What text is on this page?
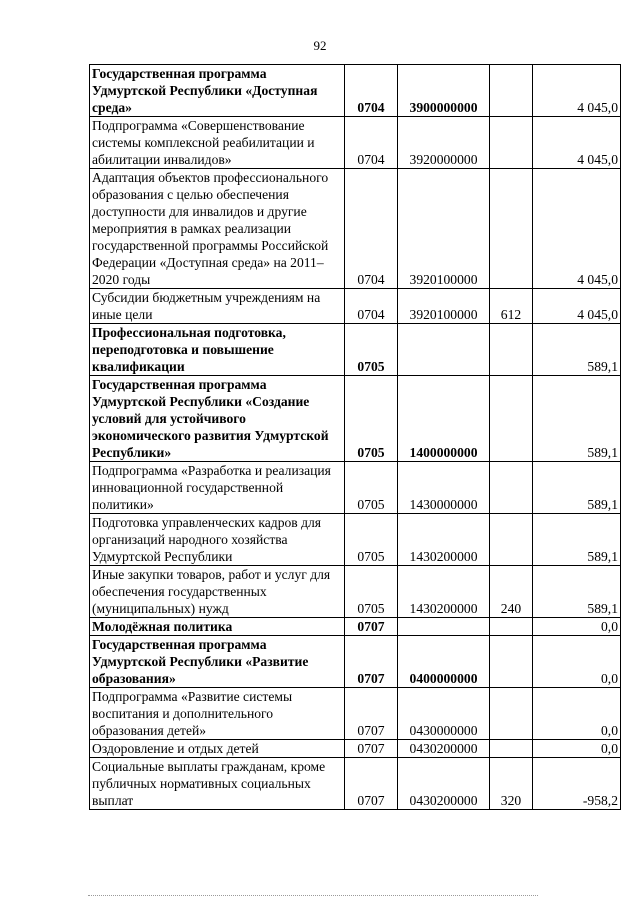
92
Государственная программа Удмуртской Республики «Доступная среда»	0704	3900000000		4 045,0
Подпрограмма «Совершенствование системы комплексной реабилитации и абилитации инвалидов»	0704	3920000000		4 045,0
Адаптация объектов профессионального образования с целью обеспечения доступности для инвалидов и другие мероприятия в рамках реализации государственной программы Российской Федерации «Доступная среда» на 2011– 2020 годы	0704	3920100000		4 045,0
Субсидии бюджетным учреждениям на иные цели	0704	3920100000	612	4 045,0
Профессиональная подготовка, переподготовка и повышение квалификации	0705			589,1
Государственная программа Удмуртской Республики «Создание условий для устойчивого экономического развития Удмуртской Республики»	0705	1400000000		589,1
Подпрограмма «Разработка и реализация инновационной государственной политики»	0705	1430000000		589,1
Подготовка управленческих кадров для организаций народного хозяйства Удмуртской Республики	0705	1430200000		589,1
Иные закупки товаров, работ и услуг для обеспечения государственных (муниципальных) нужд	0705	1430200000	240	589,1
Молодёжная политика	0707			0,0
Государственная программа Удмуртской Республики «Развитие образования»	0707	0400000000		0,0
Подпрограмма «Развитие системы воспитания и дополнительного образования детей»	0707	0430000000		0,0
Оздоровление и отдых детей	0707	0430200000		0,0
Социальные выплаты гражданам, кроме публичных нормативных социальных выплат	0707	0430200000	320	-958,2
